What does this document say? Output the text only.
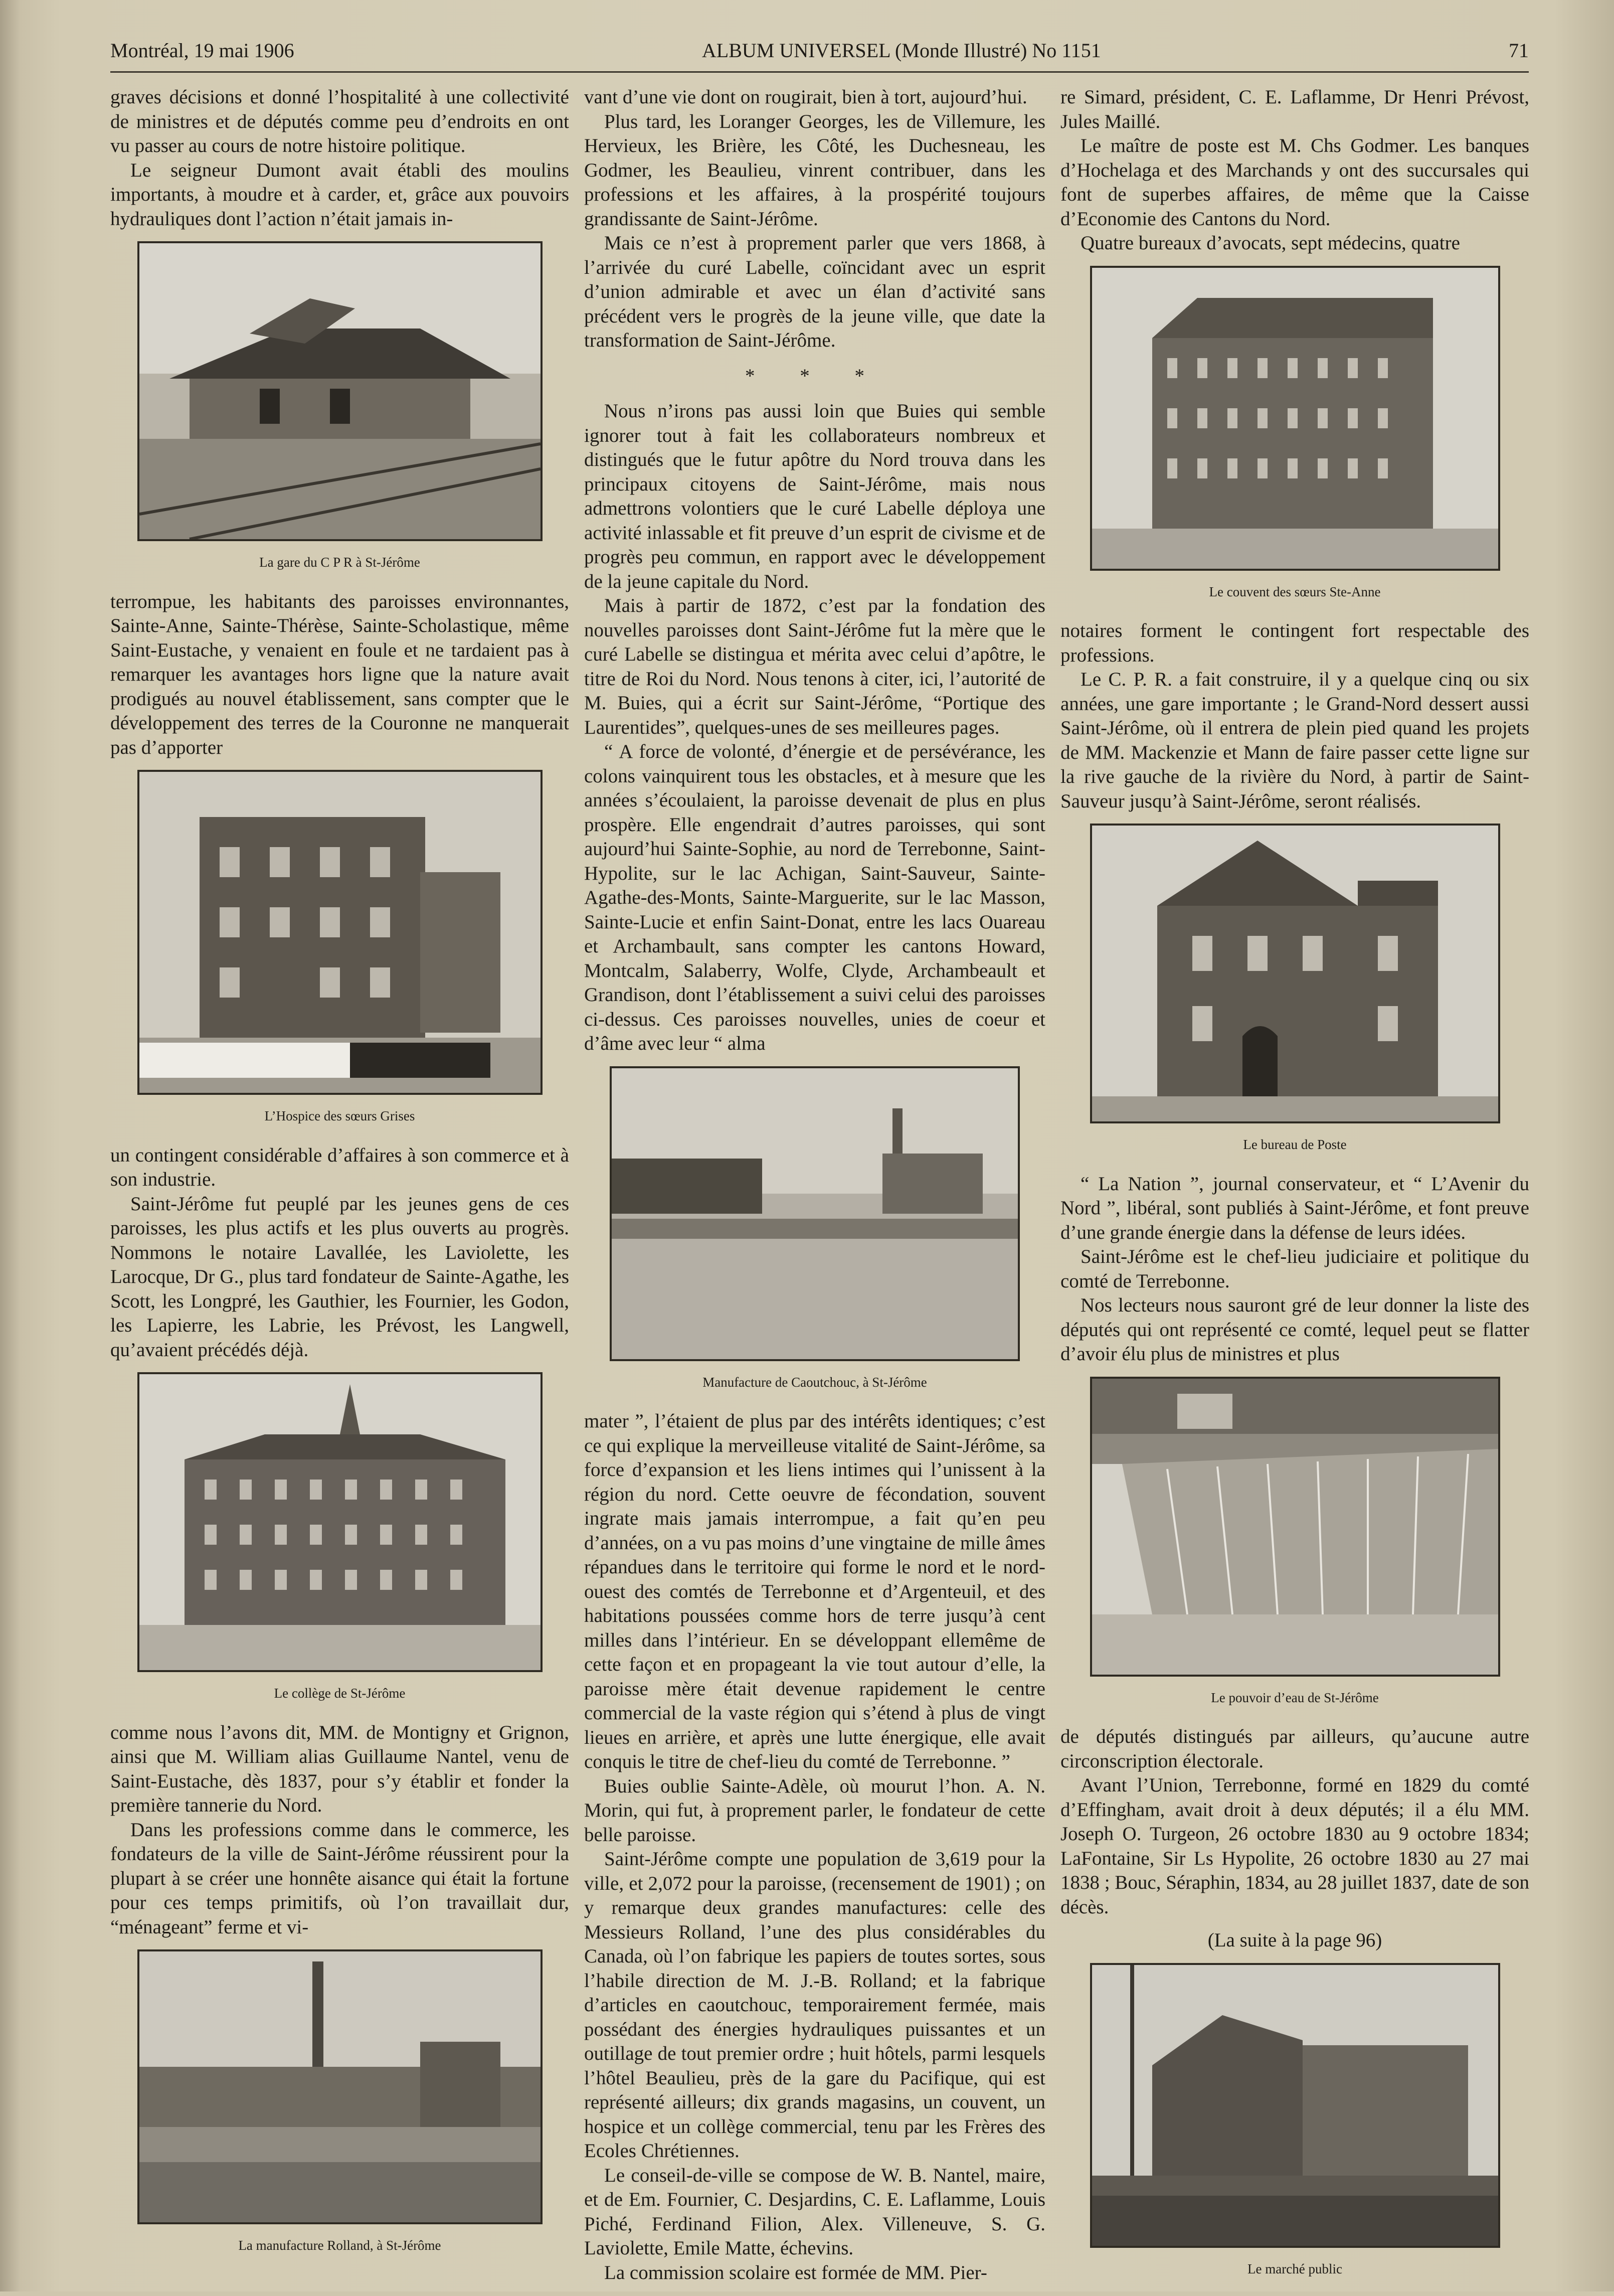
Montréal, 19 mai 1906	ALBUM UNIVERSEL (Monde Illustré) No 1151	71

graves décisions et donné l’hospitalité à une collectivité de ministres et de députés comme peu d’endroits en ont vu passer au cours de notre histoire politique.

Le seigneur Dumont avait établi des moulins importants, à moudre et à carder, et, grâce aux pouvoirs hydrauliques dont l’action n’était jamais in-

La gare du C P R à St-Jérôme

terrompue, les habitants des paroisses environnantes, Sainte-Anne, Sainte-Thérèse, Sainte-Scholastique, même Saint-Eustache, y venaient en foule et ne tardaient pas à remarquer les avantages hors ligne que la nature avait prodigués au nouvel établissement, sans compter que le développement des terres de la Couronne ne manquerait pas d’apporter

L’Hospice des sœurs Grises

un contingent considérable d’affaires à son commerce et à son industrie.

Saint-Jérôme fut peuplé par les jeunes gens de ces paroisses, les plus actifs et les plus ouverts au progrès. Nommons le notaire Lavallée, les Laviolette, les Larocque, Dr G., plus tard fondateur de Sainte-Agathe, les Scott, les Longpré, les Gauthier, les Fournier, les Godon, les Lapierre, les Labrie, les Prévost, les Langwell, qu’avaient précédés déjà.

Le collège de St-Jérôme

comme nous l’avons dit, MM. de Montigny et Grignon, ainsi que M. William alias Guillaume Nantel, venu de Saint-Eustache, dès 1837, pour s’y établir et fonder la première tannerie du Nord.

Dans les professions comme dans le commerce, les fondateurs de la ville de Saint-Jérôme réussirent pour la plupart à se créer une honnête aisance qui était la fortune pour ces temps primitifs, où l’on travaillait dur, “ménageant” ferme et vi-

La manufacture Rolland, à St-Jérôme

vant d’une vie dont on rougirait, bien à tort, aujourd’hui.

Plus tard, les Loranger Georges, les de Villemure, les Hervieux, les Brière, les Côté, les Duchesneau, les Godmer, les Beaulieu, vinrent contribuer, dans les professions et les affaires, à la prospérité toujours grandissante de Saint-Jérôme.

Mais ce n’est à proprement parler que vers 1868, à l’arrivée du curé Labelle, coïncidant avec un esprit d’union admirable et avec un élan d’activité sans précédent vers le progrès de la jeune ville, que date la transformation de Saint-Jérôme.

* * *

Nous n’irons pas aussi loin que Buies qui semble ignorer tout à fait les collaborateurs nombreux et distingués que le futur apôtre du Nord trouva dans les principaux citoyens de Saint-Jérôme, mais nous admettrons volontiers que le curé Labelle déploya une activité inlassable et fit preuve d’un esprit de civisme et de progrès peu commun, en rapport avec le développement de la jeune capitale du Nord.

Mais à partir de 1872, c’est par la fondation des nouvelles paroisses dont Saint-Jérôme fut la mère que le curé Labelle se distingua et mérita avec celui d’apôtre, le titre de Roi du Nord. Nous tenons à citer, ici, l’autorité de M. Buies, qui a écrit sur Saint-Jérôme, “Portique des Laurentides”, quelques-unes de ses meilleures pages.

“ A force de volonté, d’énergie et de persévérance, les colons vainquirent tous les obstacles, et à mesure que les années s’écoulaient, la paroisse devenait de plus en plus prospère. Elle engendrait d’autres paroisses, qui sont aujourd’hui Sainte-Sophie, au nord de Terrebonne, Saint-Hypolite, sur le lac Achigan, Saint-Sauveur, Sainte-Agathe-des-Monts, Sainte-Marguerite, sur le lac Masson, Sainte-Lucie et enfin Saint-Donat, entre les lacs Ouareau et Archambault, sans compter les cantons Howard, Montcalm, Salaberry, Wolfe, Clyde, Archambeault et Grandison, dont l’établissement a suivi celui des paroisses ci-dessus. Ces paroisses nouvelles, unies de coeur et d’âme avec leur “ alma

Manufacture de Caoutchouc, à St-Jérôme

mater ”, l’étaient de plus par des intérêts identiques; c’est ce qui explique la merveilleuse vitalité de Saint-Jérôme, sa force d’expansion et les liens intimes qui l’unissent à la région du nord. Cette oeuvre de fécondation, souvent ingrate mais jamais interrompue, a fait qu’en peu d’années, on a vu pas moins d’une vingtaine de mille âmes répandues dans le territoire qui forme le nord et le nord-ouest des comtés de Terrebonne et d’Argenteuil, et des habitations poussées comme hors de terre jusqu’à cent milles dans l’intérieur. En se développant ellemême de cette façon et en propageant la vie tout autour d’elle, la paroisse mère était devenue rapidement le centre commercial de la vaste région qui s’étend à plus de vingt lieues en arrière, et après une lutte énergique, elle avait conquis le titre de chef-lieu du comté de Terrebonne. ”

Buies oublie Sainte-Adèle, où mourut l’hon. A. N. Morin, qui fut, à proprement parler, le fondateur de cette belle paroisse.

Saint-Jérôme compte une population de 3,619 pour la ville, et 2,072 pour la paroisse, (recensement de 1901) ; on y remarque deux grandes manufactures: celle des Messieurs Rolland, l’une des plus considérables du Canada, où l’on fabrique les papiers de toutes sortes, sous l’habile direction de M. J.-B. Rolland; et la fabrique d’articles en caoutchouc, temporairement fermée, mais possédant des énergies hydrauliques puissantes et un outillage de tout premier ordre ; huit hôtels, parmi lesquels l’hôtel Beaulieu, près de la gare du Pacifique, qui est représenté ailleurs; dix grands magasins, un couvent, un hospice et un collège commercial, tenu par les Frères des Ecoles Chrétiennes.

Le conseil-de-ville se compose de W. B. Nantel, maire, et de Em. Fournier, C. Desjardins, C. E. Laflamme, Louis Piché, Ferdinand Filion, Alex. Villeneuve, S. G. Laviolette, Emile Matte, échevins.

La commission scolaire est formée de MM. Pier-

re Simard, président, C. E. Laflamme, Dr Henri Prévost, Jules Maillé.

Le maître de poste est M. Chs Godmer. Les banques d’Hochelaga et des Marchands y ont des succursales qui font de superbes affaires, de même que la Caisse d’Economie des Cantons du Nord.

Quatre bureaux d’avocats, sept médecins, quatre

Le couvent des sœurs Ste-Anne

notaires forment le contingent fort respectable des professions.

Le C. P. R. a fait construire, il y a quelque cinq ou six années, une gare importante ; le Grand-Nord dessert aussi Saint-Jérôme, où il entrera de plein pied quand les projets de MM. Mackenzie et Mann de faire passer cette ligne sur la rive gauche de la rivière du Nord, à partir de Saint-Sauveur jusqu’à Saint-Jérôme, seront réalisés.

Le bureau de Poste

“ La Nation ”, journal conservateur, et “ L’Avenir du Nord ”, libéral, sont publiés à Saint-Jérôme, et font preuve d’une grande énergie dans la défense de leurs idées.

Saint-Jérôme est le chef-lieu judiciaire et politique du comté de Terrebonne.

Nos lecteurs nous sauront gré de leur donner la liste des députés qui ont représenté ce comté, lequel peut se flatter d’avoir élu plus de ministres et plus

Le pouvoir d’eau de St-Jérôme

de députés distingués par ailleurs, qu’aucune autre circonscription électorale.

Avant l’Union, Terrebonne, formé en 1829 du comté d’Effingham, avait droit à deux députés; il a élu MM. Joseph O. Turgeon, 26 octobre 1830 au 9 octobre 1834; LaFontaine, Sir Ls Hypolite, 26 octobre 1830 au 27 mai 1838 ; Bouc, Séraphin, 1834, au 28 juillet 1837, date de son décès.

(La suite à la page 96)

Le marché public
